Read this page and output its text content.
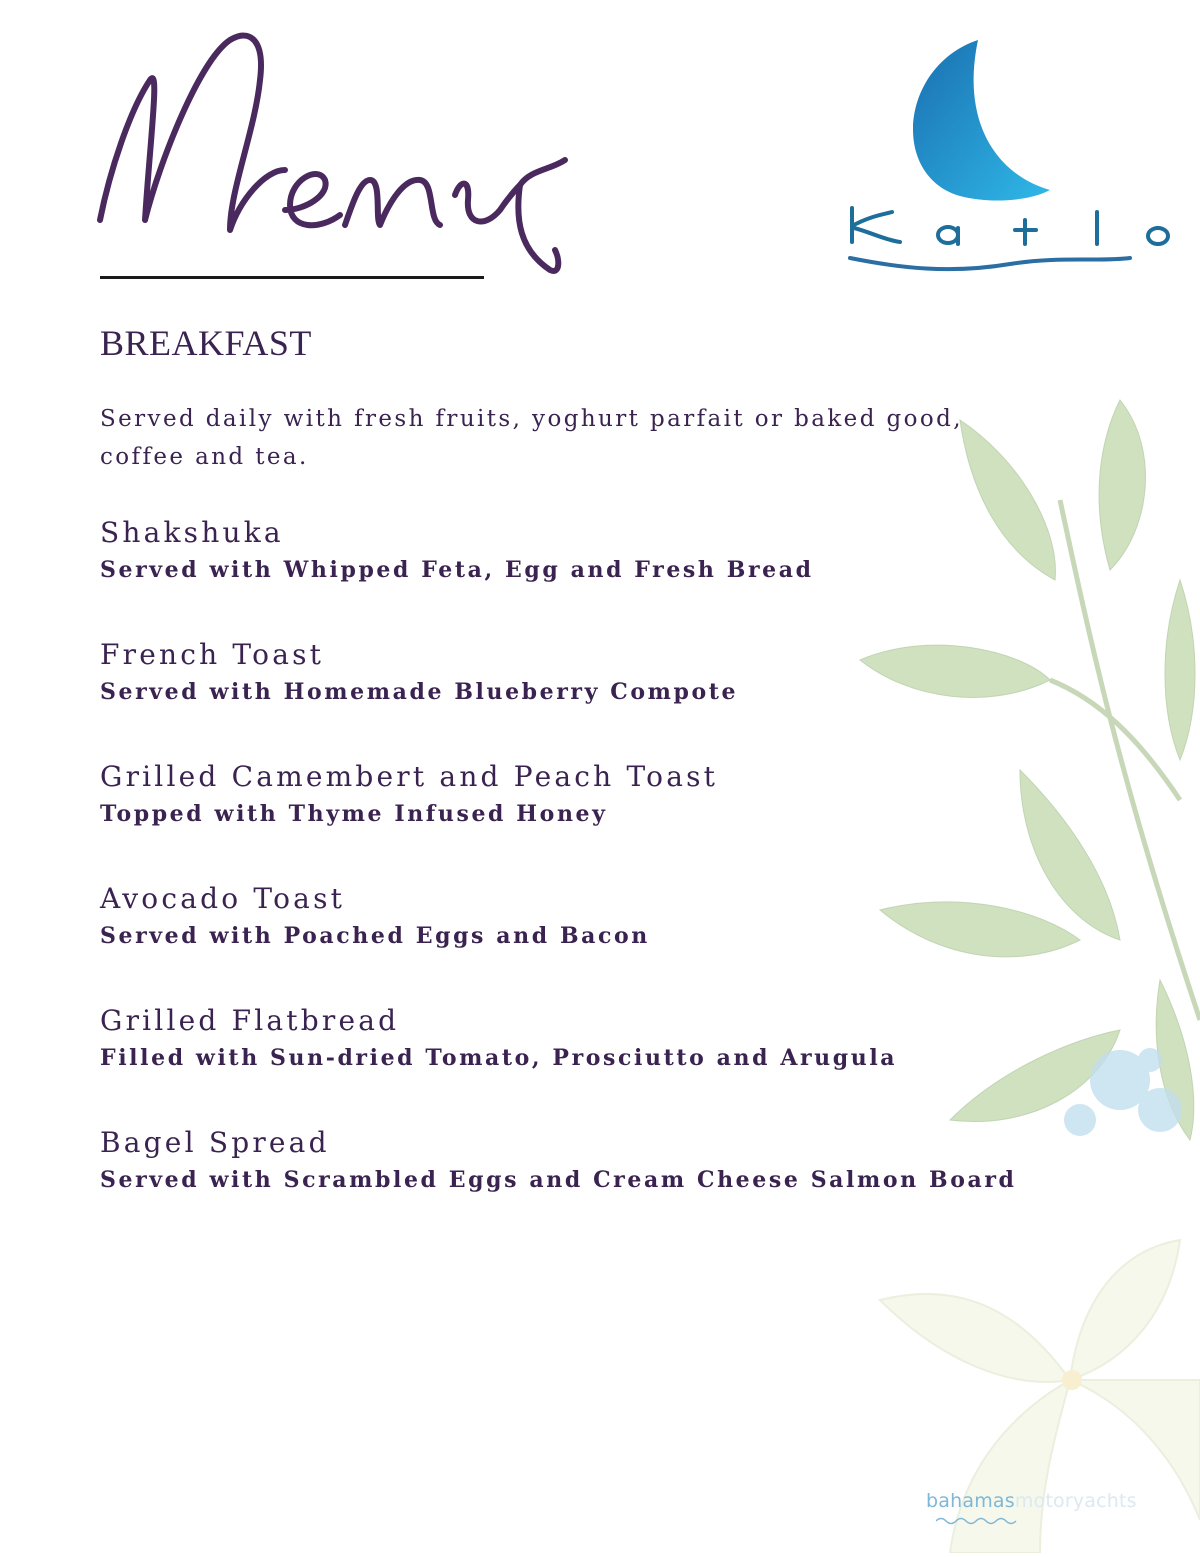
BREAKFAST
Served daily with fresh fruits, yoghurt parfait or baked good, coffee and tea.
Shakshuka
Served with Whipped Feta, Egg and Fresh Bread
French Toast
Served with Homemade Blueberry Compote
Grilled Camembert and Peach Toast
Topped with Thyme Infused Honey
Avocado Toast
Served with Poached Eggs and Bacon
Grilled Flatbread
Filled with Sun-dried Tomato, Prosciutto and Arugula
Bagel Spread
Served with Scrambled Eggs and Cream Cheese Salmon Board
bahamasmotoryachts
